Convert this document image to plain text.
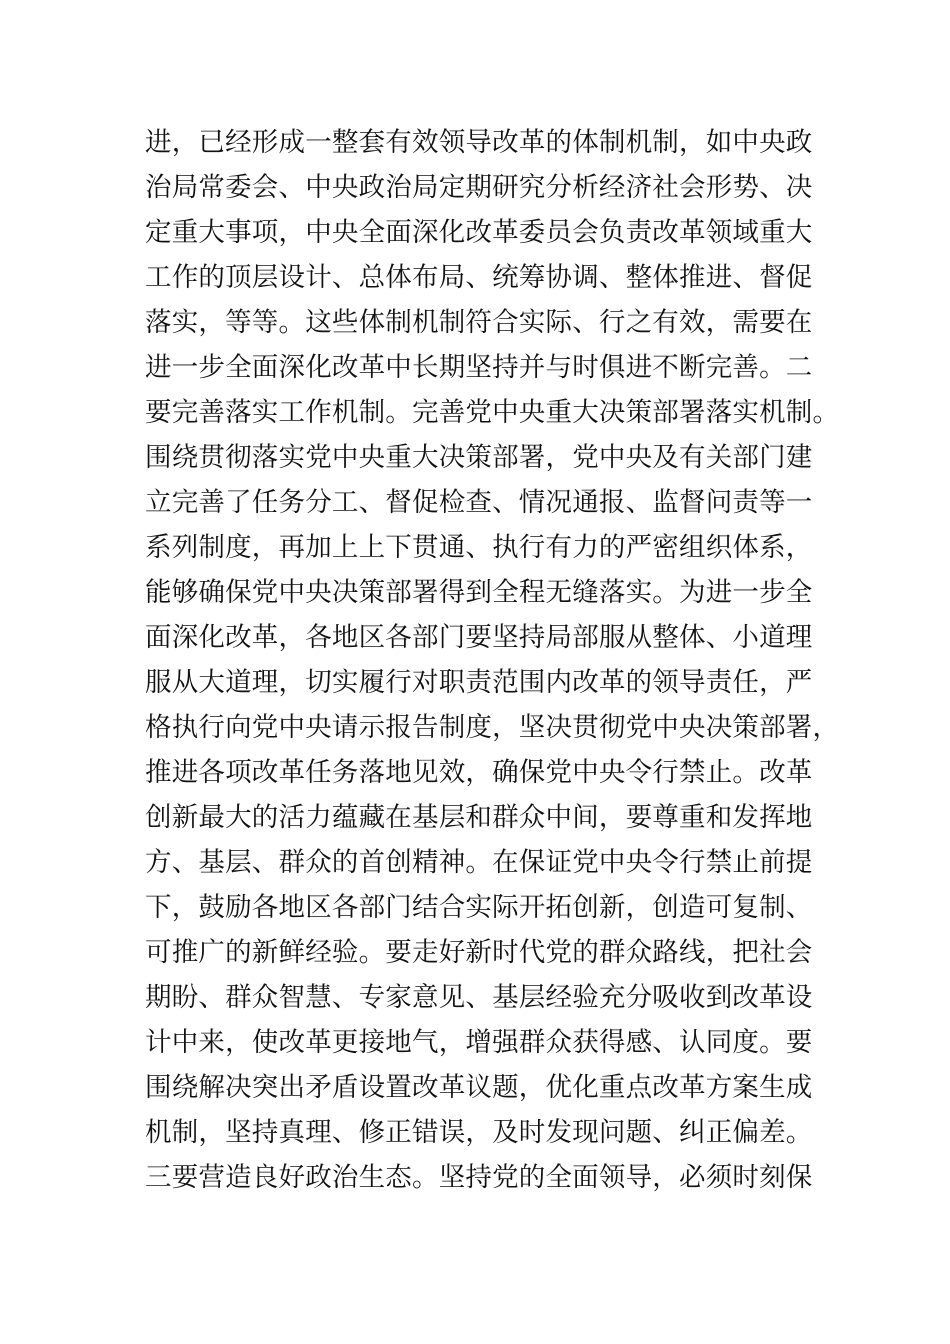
进，已经形成一整套有效领导改革的体制机制，如中央政
治局常委会、中央政治局定期研究分析经济社会形势、决
定重大事项，中央全面深化改革委员会负责改革领域重大
工作的顶层设计、总体布局、统筹协调、整体推进、督促
落实，等等。这些体制机制符合实际、行之有效，需要在
进一步全面深化改革中长期坚持并与时俱进不断完善。二
要完善落实工作机制。完善党中央重大决策部署落实机制。
围绕贯彻落实党中央重大决策部署，党中央及有关部门建
立完善了任务分工、督促检查、情况通报、监督问责等一
系列制度，再加上上下贯通、执行有力的严密组织体系，
能够确保党中央决策部署得到全程无缝落实。为进一步全
面深化改革，各地区各部门要坚持局部服从整体、小道理
服从大道理，切实履行对职责范围内改革的领导责任，严
格执行向党中央请示报告制度，坚决贯彻党中央决策部署，
推进各项改革任务落地见效，确保党中央令行禁止。改革
创新最大的活力蕴藏在基层和群众中间，要尊重和发挥地
方、基层、群众的首创精神。在保证党中央令行禁止前提
下，鼓励各地区各部门结合实际开拓创新，创造可复制、
可推广的新鲜经验。要走好新时代党的群众路线，把社会
期盼、群众智慧、专家意见、基层经验充分吸收到改革设
计中来，使改革更接地气，增强群众获得感、认同度。要
围绕解决突出矛盾设置改革议题，优化重点改革方案生成
机制，坚持真理、修正错误，及时发现问题、纠正偏差。
三要营造良好政治生态。坚持党的全面领导，必须时刻保
